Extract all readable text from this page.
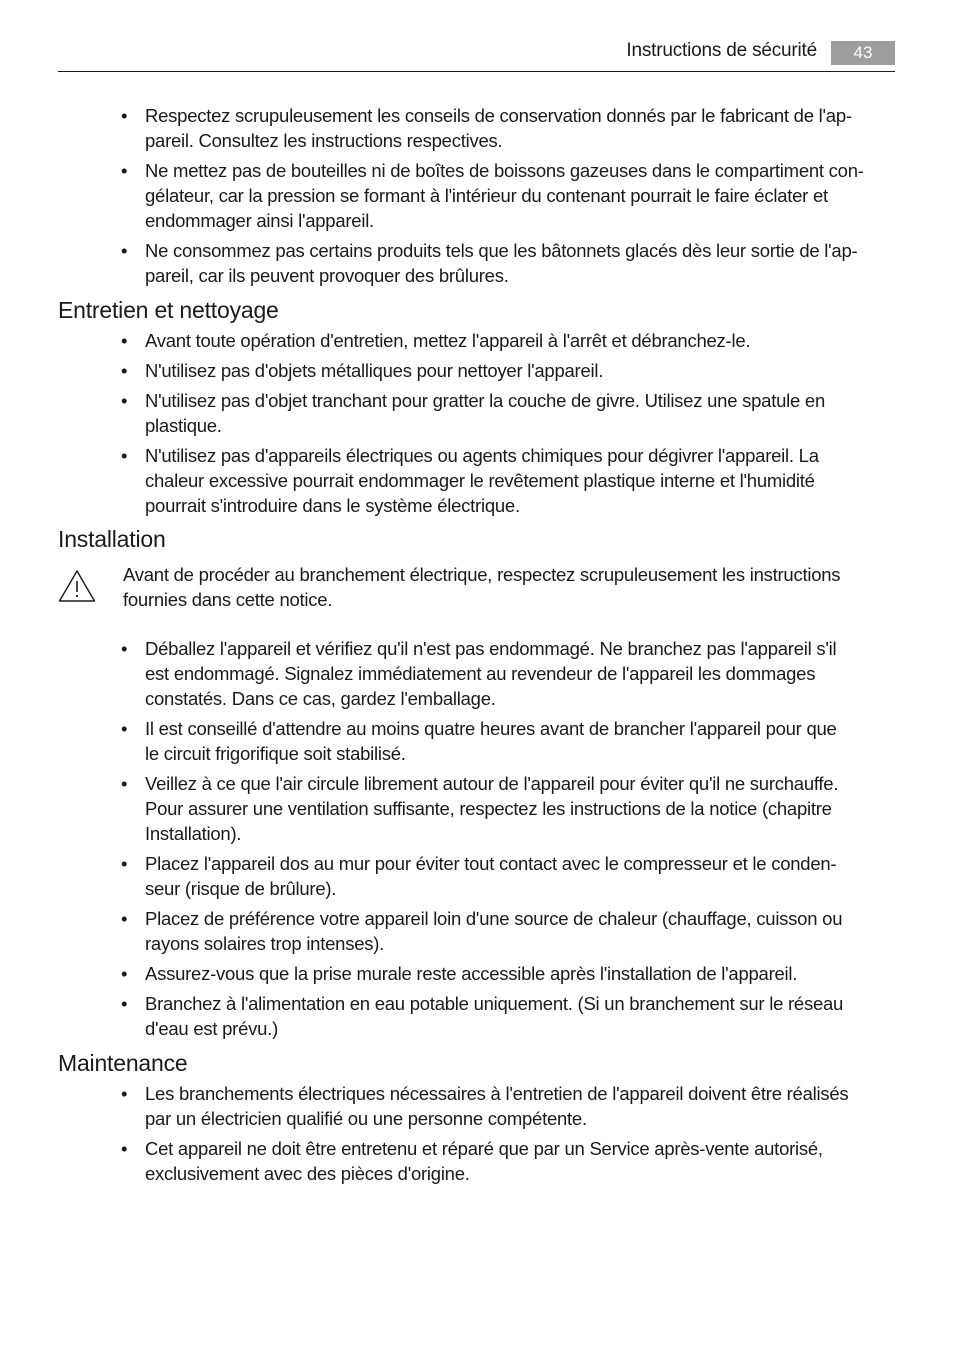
Instructions de sécurité	43
• Respectez scrupuleusement les conseils de conservation donnés par le fabricant de l'ap-
pareil. Consultez les instructions respectives.
• Ne mettez pas de bouteilles ni de boîtes de boissons gazeuses dans le compartiment con-
gélateur, car la pression se formant à l'intérieur du contenant pourrait le faire éclater et
endommager ainsi l'appareil.
• Ne consommez pas certains produits tels que les bâtonnets glacés dès leur sortie de l'ap-
pareil, car ils peuvent provoquer des brûlures.
Entretien et nettoyage
• Avant toute opération d'entretien, mettez l'appareil à l'arrêt et débranchez-le.
• N'utilisez pas d'objets métalliques pour nettoyer l'appareil.
• N'utilisez pas d'objet tranchant pour gratter la couche de givre. Utilisez une spatule en
plastique.
• N'utilisez pas d'appareils électriques ou agents chimiques pour dégivrer l'appareil. La
chaleur excessive pourrait endommager le revêtement plastique interne et l'humidité
pourrait s'introduire dans le système électrique.
Installation
Avant de procéder au branchement électrique, respectez scrupuleusement les instructions
fournies dans cette notice.
• Déballez l'appareil et vérifiez qu'il n'est pas endommagé. Ne branchez pas l'appareil s'il
est endommagé. Signalez immédiatement au revendeur de l'appareil les dommages
constatés. Dans ce cas, gardez l'emballage.
• Il est conseillé d'attendre au moins quatre heures avant de brancher l'appareil pour que
le circuit frigorifique soit stabilisé.
• Veillez à ce que l'air circule librement autour de l'appareil pour éviter qu'il ne surchauffe.
Pour assurer une ventilation suffisante, respectez les instructions de la notice (chapitre
Installation).
• Placez l'appareil dos au mur pour éviter tout contact avec le compresseur et le conden-
seur (risque de brûlure).
• Placez de préférence votre appareil loin d'une source de chaleur (chauffage, cuisson ou
rayons solaires trop intenses).
• Assurez-vous que la prise murale reste accessible après l'installation de l'appareil.
• Branchez à l'alimentation en eau potable uniquement. (Si un branchement sur le réseau
d'eau est prévu.)
Maintenance
• Les branchements électriques nécessaires à l'entretien de l'appareil doivent être réalisés
par un électricien qualifié ou une personne compétente.
• Cet appareil ne doit être entretenu et réparé que par un Service après-vente autorisé,
exclusivement avec des pièces d'origine.
